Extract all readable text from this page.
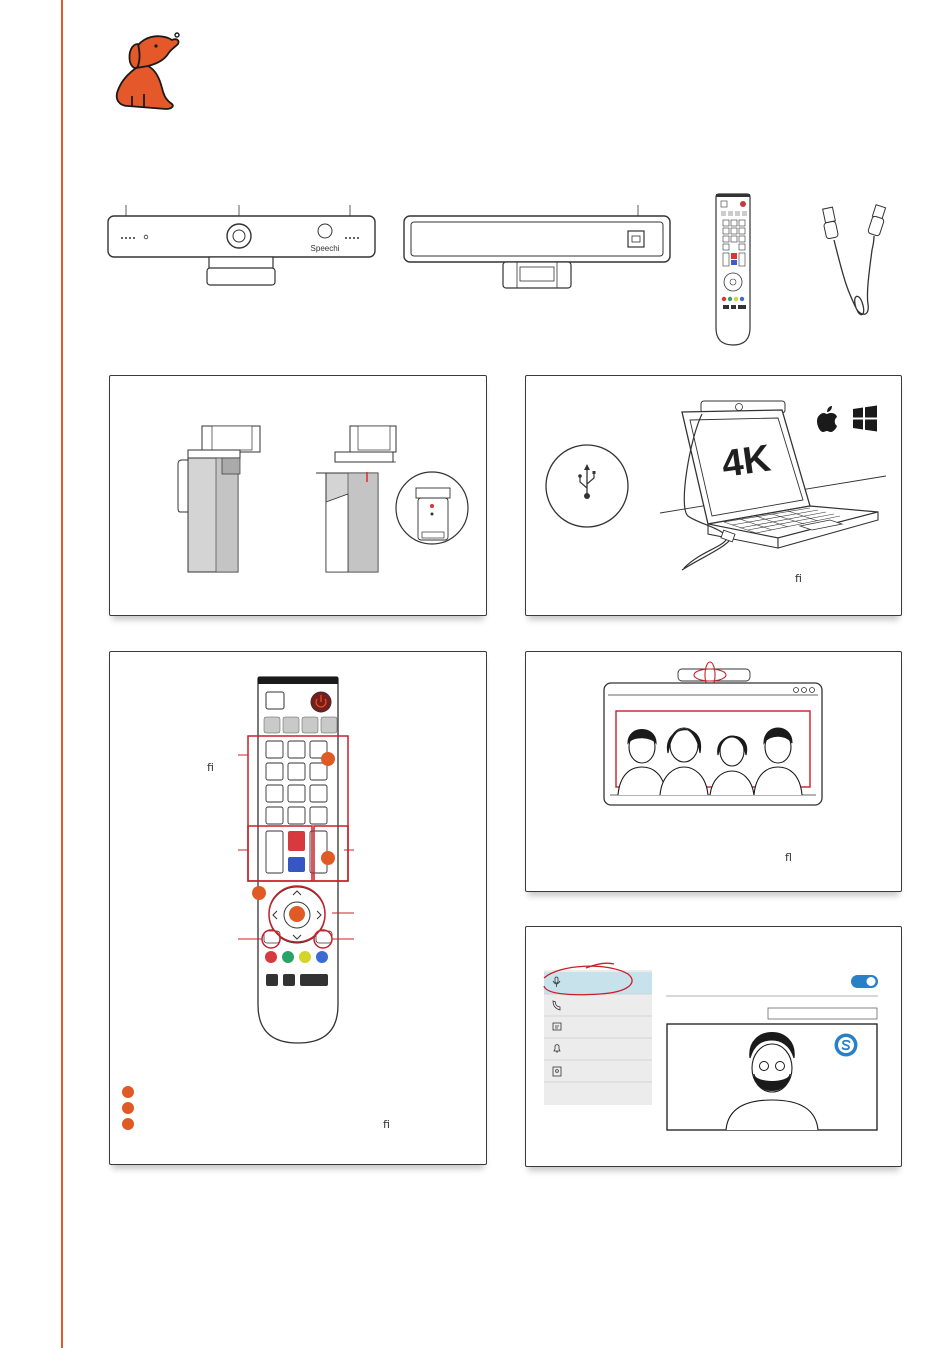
Speechi
4K
ﬁ
ﬁ
ﬁ
ﬂ
